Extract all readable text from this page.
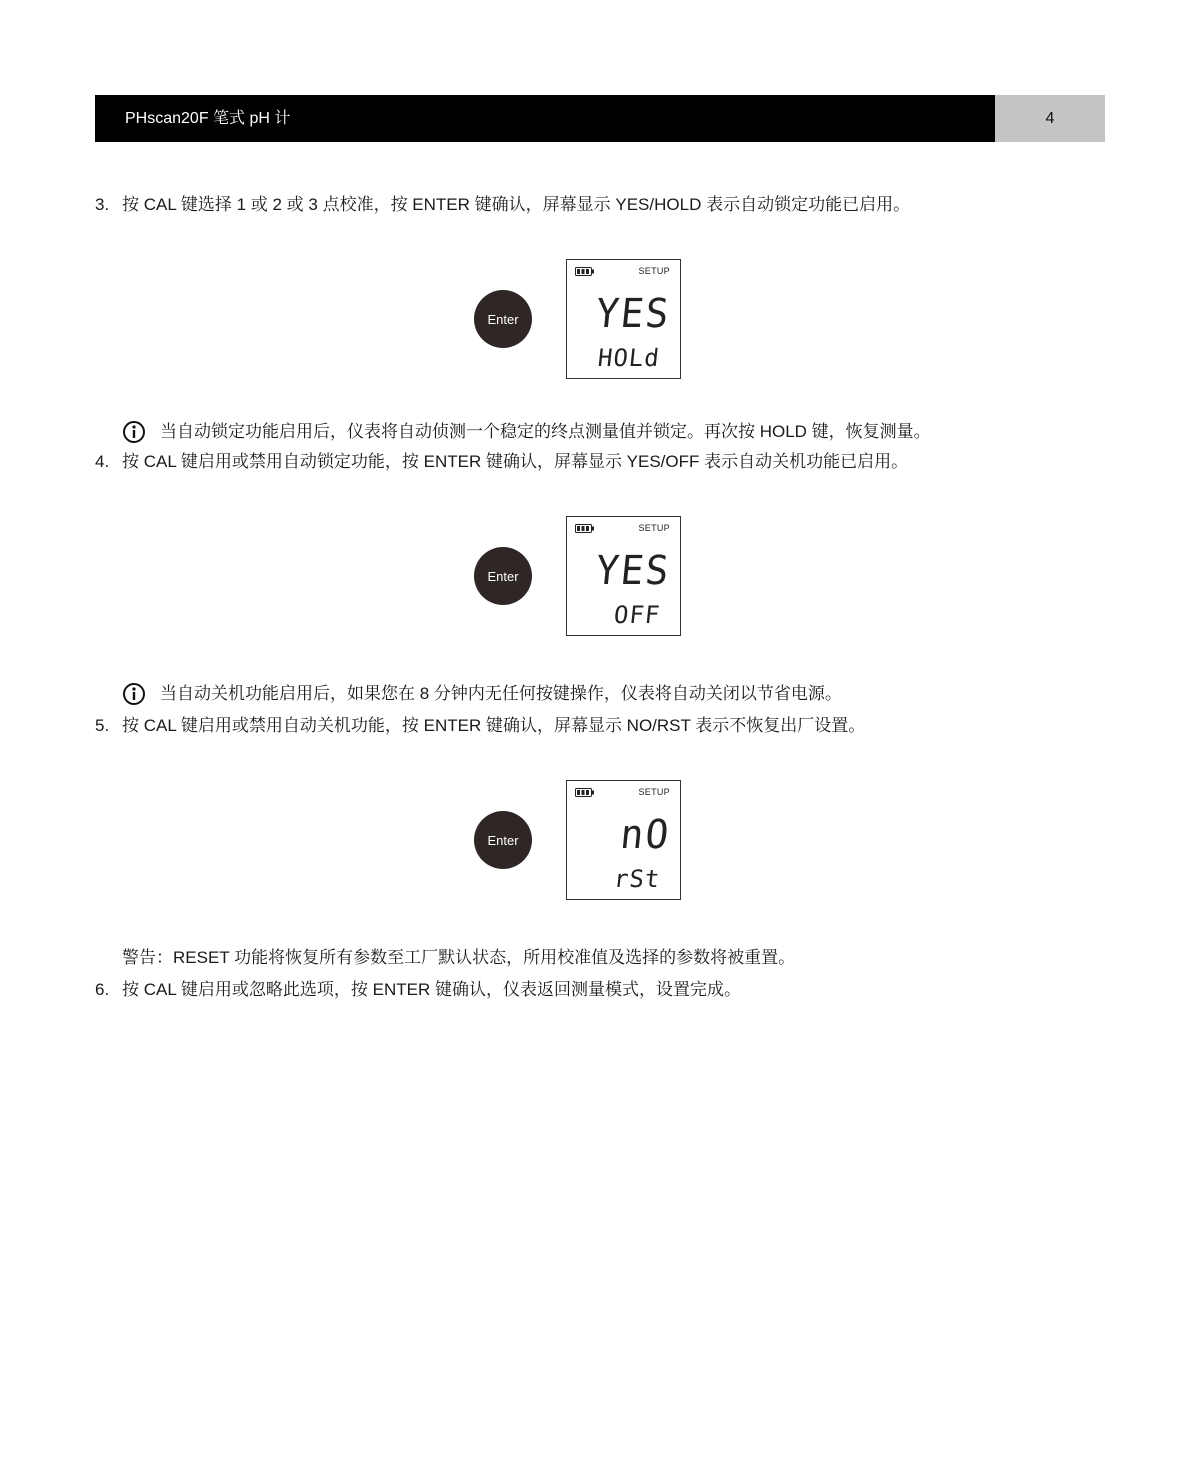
PHscan20F 笔式 pH 计	4
3. 按 CAL 键选择 1 或 2 或 3 点校准，按 ENTER 键确认，屏幕显示 YES/HOLD 表示自动锁定功能已启用。
Enter
SETUP
YES
HOLd
当自动锁定功能启用后，仪表将自动侦测一个稳定的终点测量值并锁定。再次按 HOLD 键，恢复测量。
4. 按 CAL 键启用或禁用自动锁定功能，按 ENTER 键确认，屏幕显示 YES/OFF 表示自动关机功能已启用。
Enter
SETUP
YES
OFF
当自动关机功能启用后，如果您在 8 分钟内无任何按键操作，仪表将自动关闭以节省电源。
5. 按 CAL 键启用或禁用自动关机功能，按 ENTER 键确认，屏幕显示 NO/RST 表示不恢复出厂设置。
Enter
SETUP
nO
rSt
警告：RESET 功能将恢复所有参数至工厂默认状态，所用校准值及选择的参数将被重置。
6. 按 CAL 键启用或忽略此选项，按 ENTER 键确认，仪表返回测量模式，设置完成。
